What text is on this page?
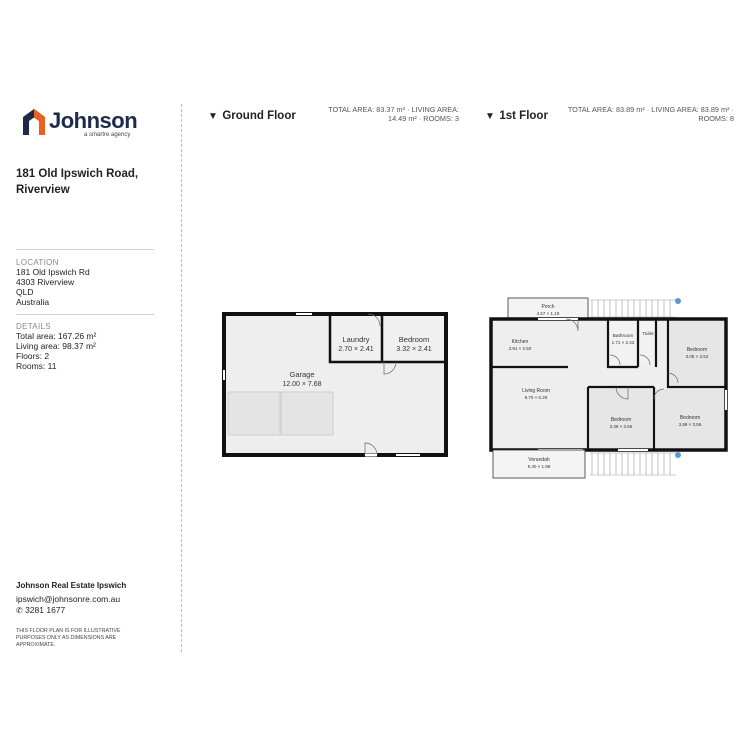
Johnson
a smartre agency
181 Old Ipswich Road,
Riverview
LOCATION
181 Old Ipswich Rd
4303 Riverview
QLD
Australia
DETAILS
Total area: 167.26 m²
Living area: 98.37 m²
Floors: 2
Rooms: 11
Johnson Real Estate Ipswich
ipswich@johnsonre.com.au
✆ 3281 1677
THIS FLOOR PLAN IS FOR ILLUSTRATIVE PURPOSES ONLY AS DIMENSIONS ARE APPROXIMATE.
▼ Ground Floor
TOTAL AREA: 83.37 m² · LIVING AREA:
14.49 m² · ROOMS: 3	▼ 1st Floor
TOTAL AREA: 83.89 m² · LIVING AREA: 83.89 m² ·
ROOMS: 8
Laundry
2.70 × 2.41
Bedroom
3.32 × 2.41
Garage
12.00 × 7.68
Porch
4.57 × 1.19
Kitchen
3.91 × 2.50
Bathroom
1.71 × 2.42
Toilet
Bedroom
3.08 × 3.52
Living Room
9.70 × 6.28
Bedroom
3.39 × 3.56
Bedroom
3.99 × 3.56
Verandah
5.30 × 1.98
